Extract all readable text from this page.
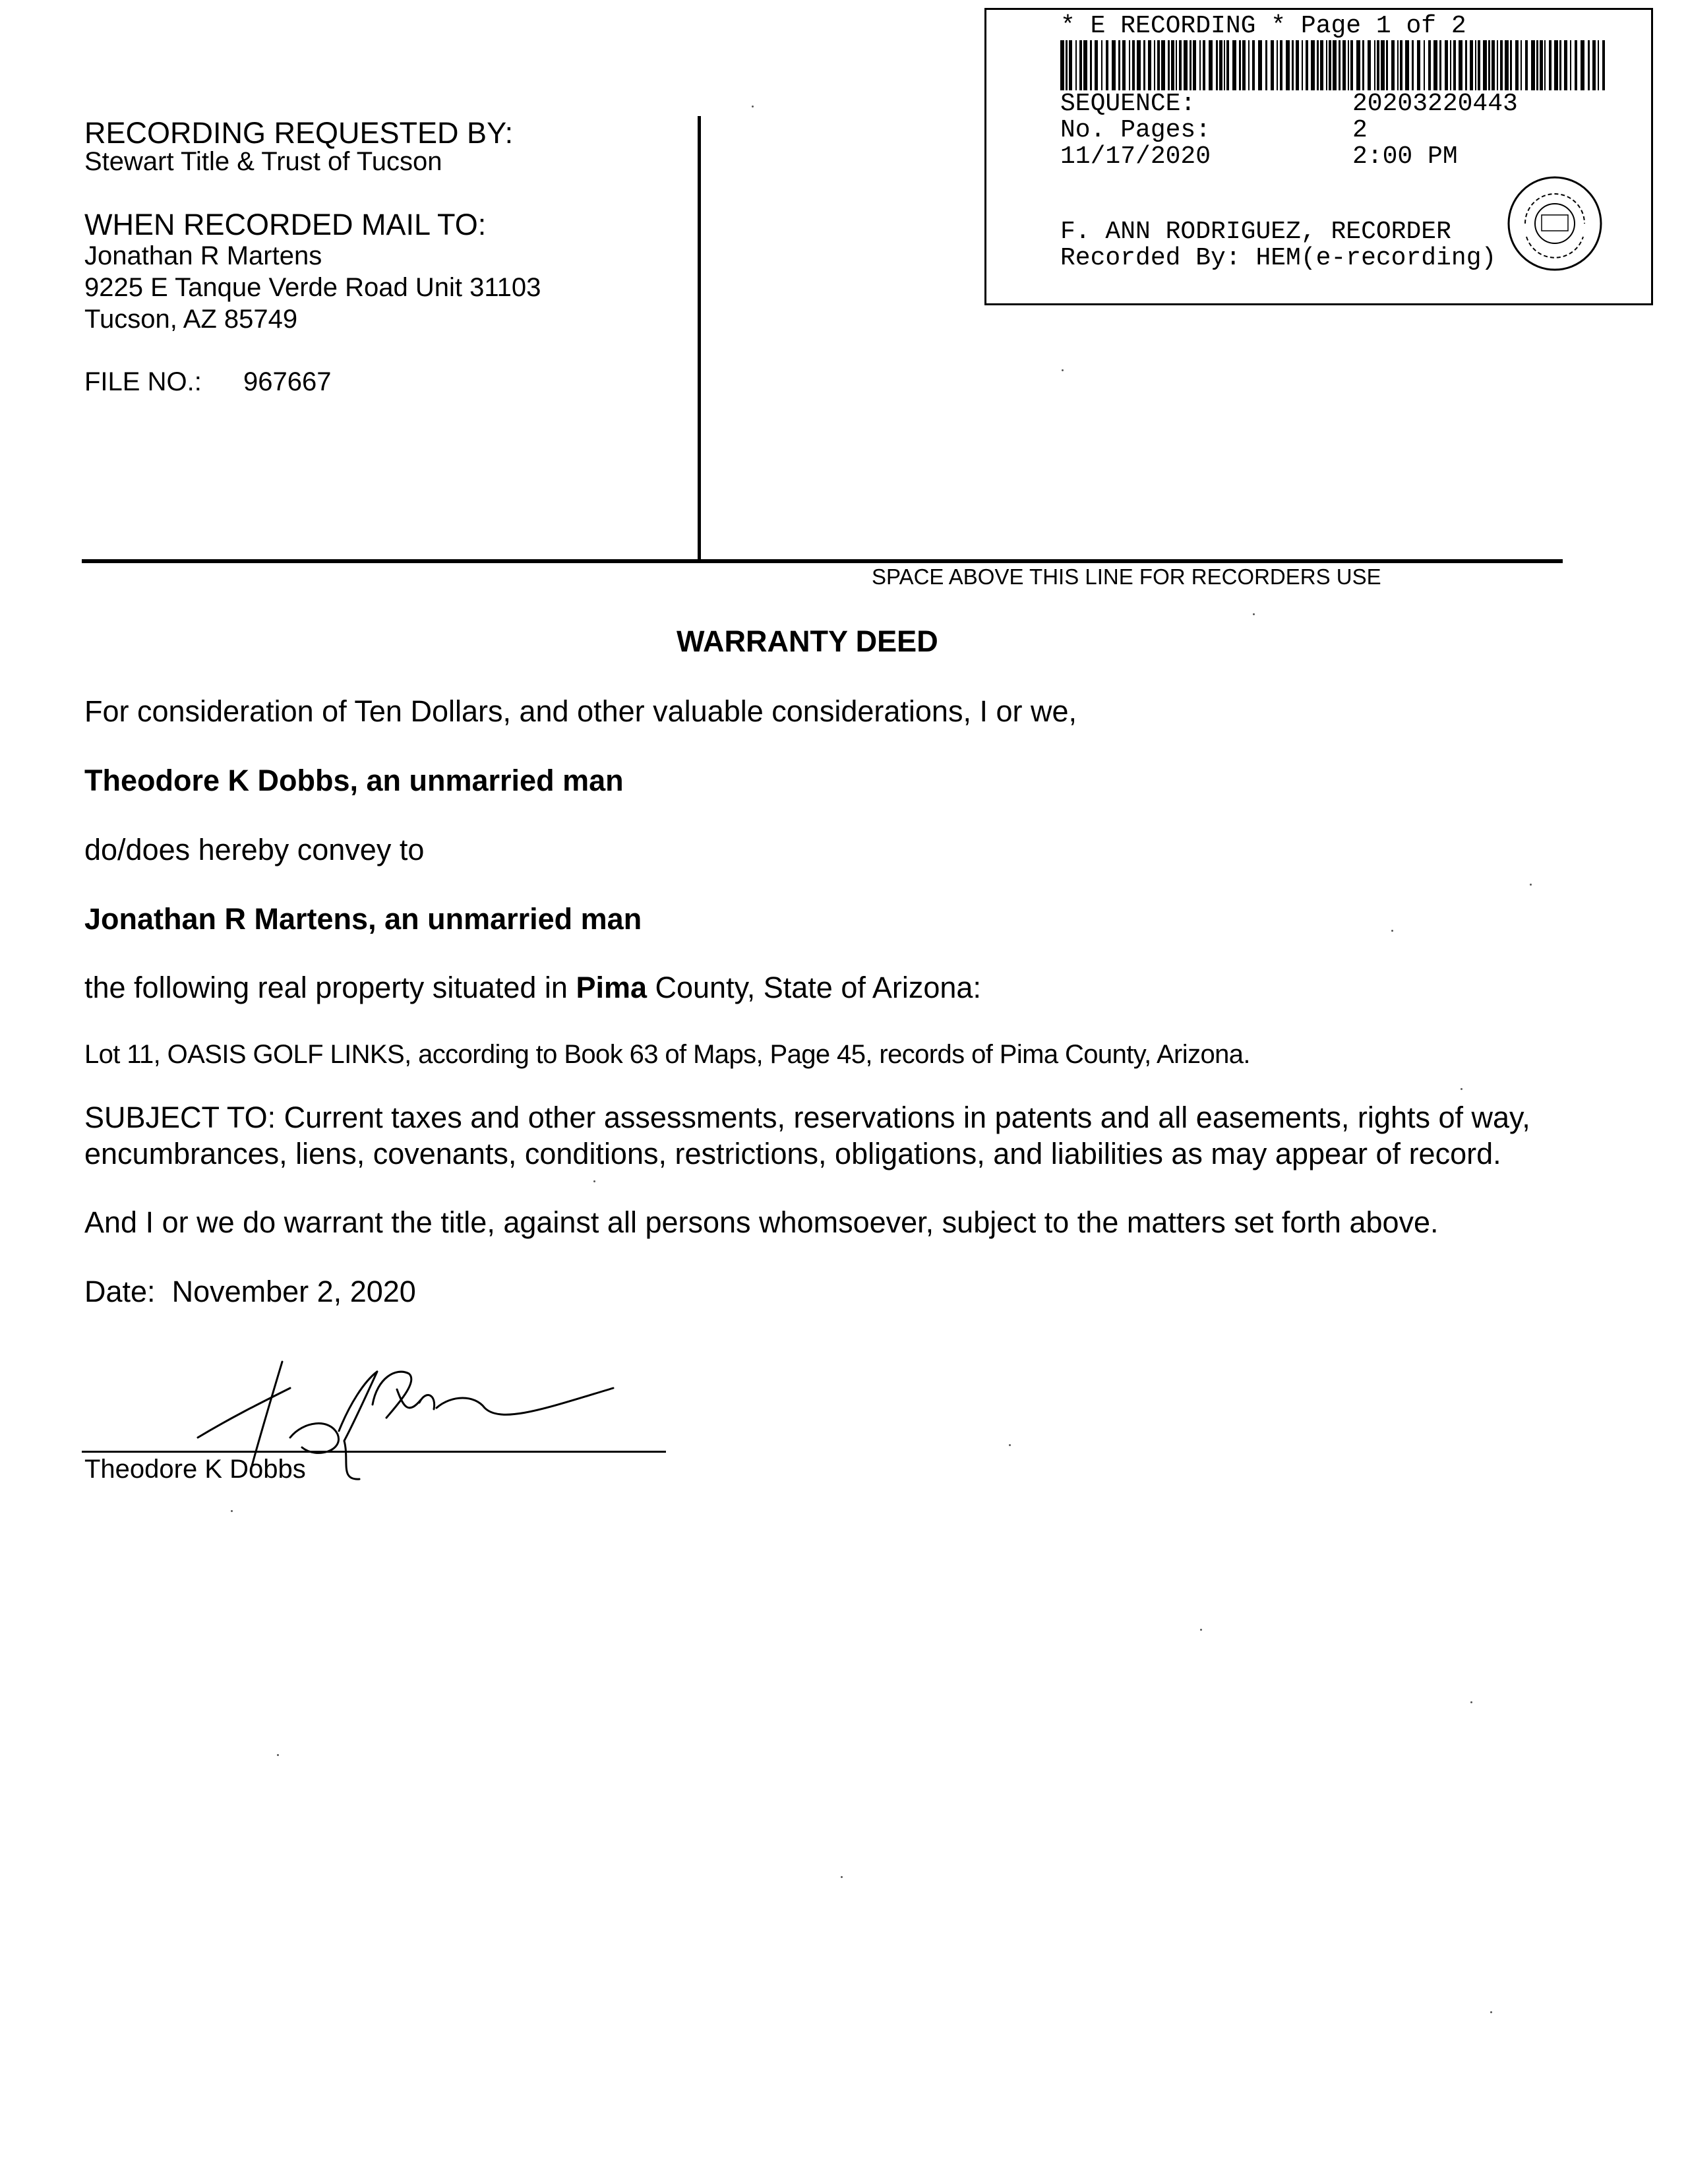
* E RECORDING * Page 1 of 2
SEQUENCE:	20203220443
No. Pages:	2
11/17/2020	2:00 PM
F. ANN RODRIGUEZ, RECORDER
Recorded By: HEM(e-recording)
RECORDING REQUESTED BY:
Stewart Title & Trust of Tucson
WHEN RECORDED MAIL TO:
Jonathan R Martens
9225 E Tanque Verde Road Unit 31103
Tucson, AZ 85749
FILE NO.: 967667
SPACE ABOVE THIS LINE FOR RECORDERS USE
WARRANTY DEED
For consideration of Ten Dollars, and other valuable considerations, I or we,
Theodore K Dobbs, an unmarried man
do/does hereby convey to
Jonathan R Martens, an unmarried man
the following real property situated in Pima County, State of Arizona:
Lot 11, OASIS GOLF LINKS, according to Book 63 of Maps, Page 45, records of Pima County, Arizona.
SUBJECT TO: Current taxes and other assessments, reservations in patents and all easements, rights of way,
encumbrances, liens, covenants, conditions, restrictions, obligations, and liabilities as may appear of record.
And I or we do warrant the title, against all persons whomsoever, subject to the matters set forth above.
Date: November 2, 2020
Theodore K Dobbs
